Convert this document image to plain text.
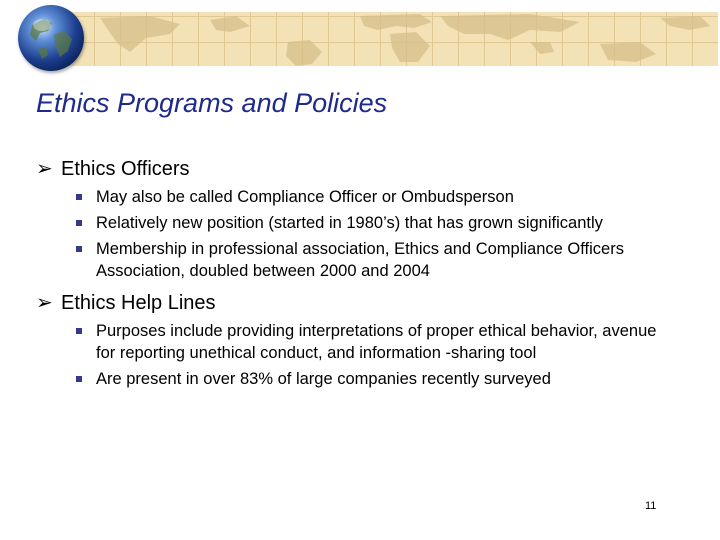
Ethics Programs and Policies
➢ Ethics Officers
May also be called Compliance Officer or Ombudsperson
Relatively new position (started in 1980’s) that has grown significantly
Membership in professional association, Ethics and Compliance Officers Association, doubled between 2000 and 2004
➢ Ethics Help Lines
Purposes include providing interpretations of proper ethical behavior, avenue for reporting unethical conduct, and information -sharing tool
Are present in over 83% of large companies recently surveyed
11
